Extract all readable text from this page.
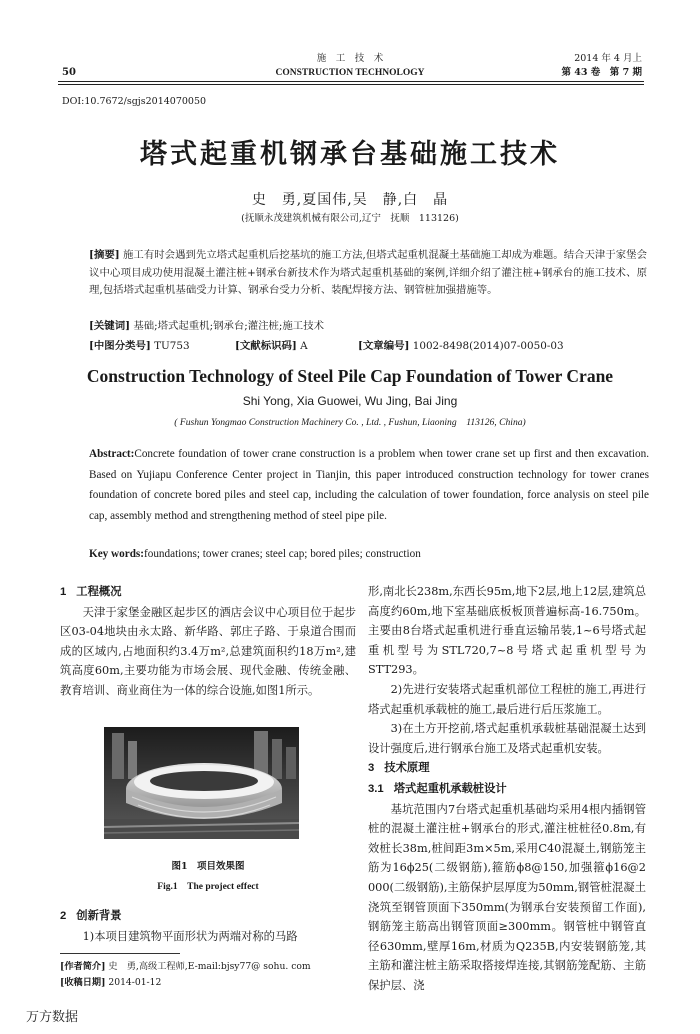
施　工　技　术
CONSTRUCTION TECHNOLOGY
50
2014 年 4 月上
第 43 卷　第 7 期
DOI:10.7672/sgjs2014070050
塔式起重机钢承台基础施工技术
史　勇,夏国伟,吴　静,白　晶
(抚顺永茂建筑机械有限公司,辽宁　抚顺　113126)
[摘要] 施工有时会遇到先立塔式起重机后挖基坑的施工方法,但塔式起重机混凝土基础施工却成为难题。结合天津于家堡会议中心项目成功使用混凝土灌注桩+钢承台新技术作为塔式起重机基础的案例,详细介绍了灌注桩+钢承台的施工技术、原理,包括塔式起重机基础受力计算、钢承台受力分析、装配焊接方法、钢管桩加强措施等。
[关键词] 基础;塔式起重机;钢承台;灌注桩;施工技术
[中图分类号] TU753	[文献标识码] A	[文章编号] 1002-8498(2014)07-0050-03
Construction Technology of Steel Pile Cap Foundation of Tower Crane
Shi Yong, Xia Guowei, Wu Jing, Bai Jing
( Fushun Yongmao Construction Machinery Co. , Ltd. , Fushun, Liaoning　113126, China)
Abstract:Concrete foundation of tower crane construction is a problem when tower crane set up first and then excavation. Based on Yujiapu Conference Center project in Tianjin, this paper introduced construction technology for tower cranes foundation of concrete bored piles and steel cap, including the calculation of tower foundation, force analysis on steel pile cap, assembly method and strengthening method of steel pipe pile.
Key words:foundations; tower cranes; steel cap; bored piles; construction

1 工程概况

天津于家堡金融区起步区的酒店会议中心项目位于起步区03-04地块由永太路、新华路、郭庄子路、于泉道合围而成的区域内,占地面积约3.4万m²,总建筑面积约18万m²,建筑高度60m,主要功能为市场会展、现代金融、传统金融、教育培训、商业商住为一体的综合设施,如图1所示。

图1　项目效果图
Fig.1　The project effect

2 创新背景

1)本项目建筑物平面形状为两端对称的马路

[作者简介] 史　勇,高级工程师,E-mail:bjsy77@ sohu. com
[收稿日期] 2014-01-12

形,南北长238m,东西长95m,地下2层,地上12层,建筑总高度约60m,地下室基础底板板顶普遍标高-16.750m。主要由8台塔式起重机进行垂直运输吊装,1~6号塔式起重机型号为STL720,7~8号塔式起重机型号为STT293。

2)先进行安装塔式起重机部位工程桩的施工,再进行塔式起重机承载桩的施工,最后进行后压浆施工。

3)在土方开挖前,塔式起重机承载桩基础混凝土达到设计强度后,进行钢承台施工及塔式起重机安装。

3 技术原理

3.1 塔式起重机承载桩设计

基坑范围内7台塔式起重机基础均采用4根内插钢管桩的混凝土灌注桩+钢承台的形式,灌注桩桩径0.8m,有效桩长38m,桩间距3m×5m,采用C40混凝土,钢筋笼主筋为16ϕ25(二级钢筋),箍筋ϕ8@150,加强箍ϕ16@2 000(二级钢筋),主筋保护层厚度为50mm,钢管桩混凝土浇筑至钢管顶面下350mm(为钢承台安装预留工作面),钢筋笼主筋高出钢管顶面≥300mm。钢管桩中钢管直径630mm,壁厚16m,材质为Q235B,内安装钢筋笼,其主筋和灌注桩主筋采取搭接焊连接,其钢筋笼配筋、主筋保护层、浇

万方数据
